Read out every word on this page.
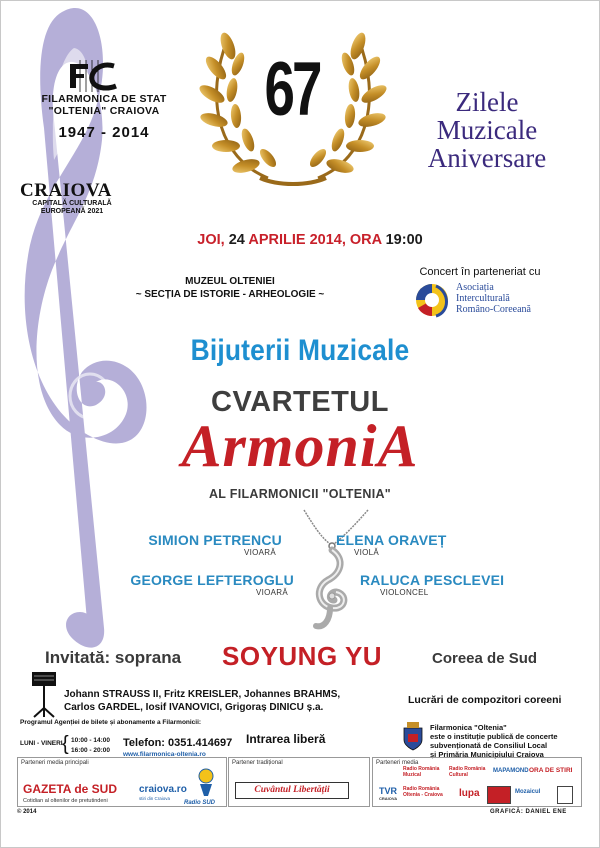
FILARMONICA DE STAT
"OLTENIA" CRAIOVA
1947 - 2014
CRAIOVA
CAPITALĂ CULTURALĂ
EUROPEANĂ 2021
67	Zilele
Muzicale
Aniversare
JOI, 24 APRILIE 2014, ORA 19:00
MUZEUL OLTENIEI
~ SECȚIA DE ISTORIE - ARHEOLOGIE ~
Concert în parteneriat cu
Asociația
Interculturală
Româno-Coreeană
Bijuterii Muzicale
CVARTETUL
ArmoniA
AL FILARMONICII "OLTENIA"
SIMION PETRENCU
VIOARĂ
ELENA ORAVEȚ
VIOLĂ
GEORGE LEFTEROGLU
VIOARĂ
RALUCA PESCLEVEI
VIOLONCEL
Invitată: soprana SOYUNG YU	Coreea de Sud
Johann STRAUSS II, Fritz KREISLER, Johannes BRAHMS,
Carlos GARDEL, Iosif IVANOVICI, Grigoraș DINICU ș.a.
Lucrări de compozitori coreeni
Programul Agenției de bilete și abonamente a Filarmonicii:
LUNI - VINERI { 10:00 - 14:00
16:00 - 20:00
Telefon: 0351.414697
www.filarmonica-oltenia.ro
Intrarea liberă
Filarmonica "Oltenia"
este o instituție publică de concerte
subvenționată de Consiliul Local
și Primăria Municipiului Craiova
Parteneri media principali
GAZETA de SUD
Cotidian al oltenilor de pretutindeni
craiova.ro
stiri din Craiova
Radio SUD
Partener tradițional
Cuvântul Libertății
Parteneri media
Radio România Muzical
Radio România Cultural
MAPAMOND ORA DE STIRI
TVR
CRAIOVA
Radio România Oltenia - Craiova	lupa	Mozaicul
© 2014	GRAFICĂ: DANIEL ENE
